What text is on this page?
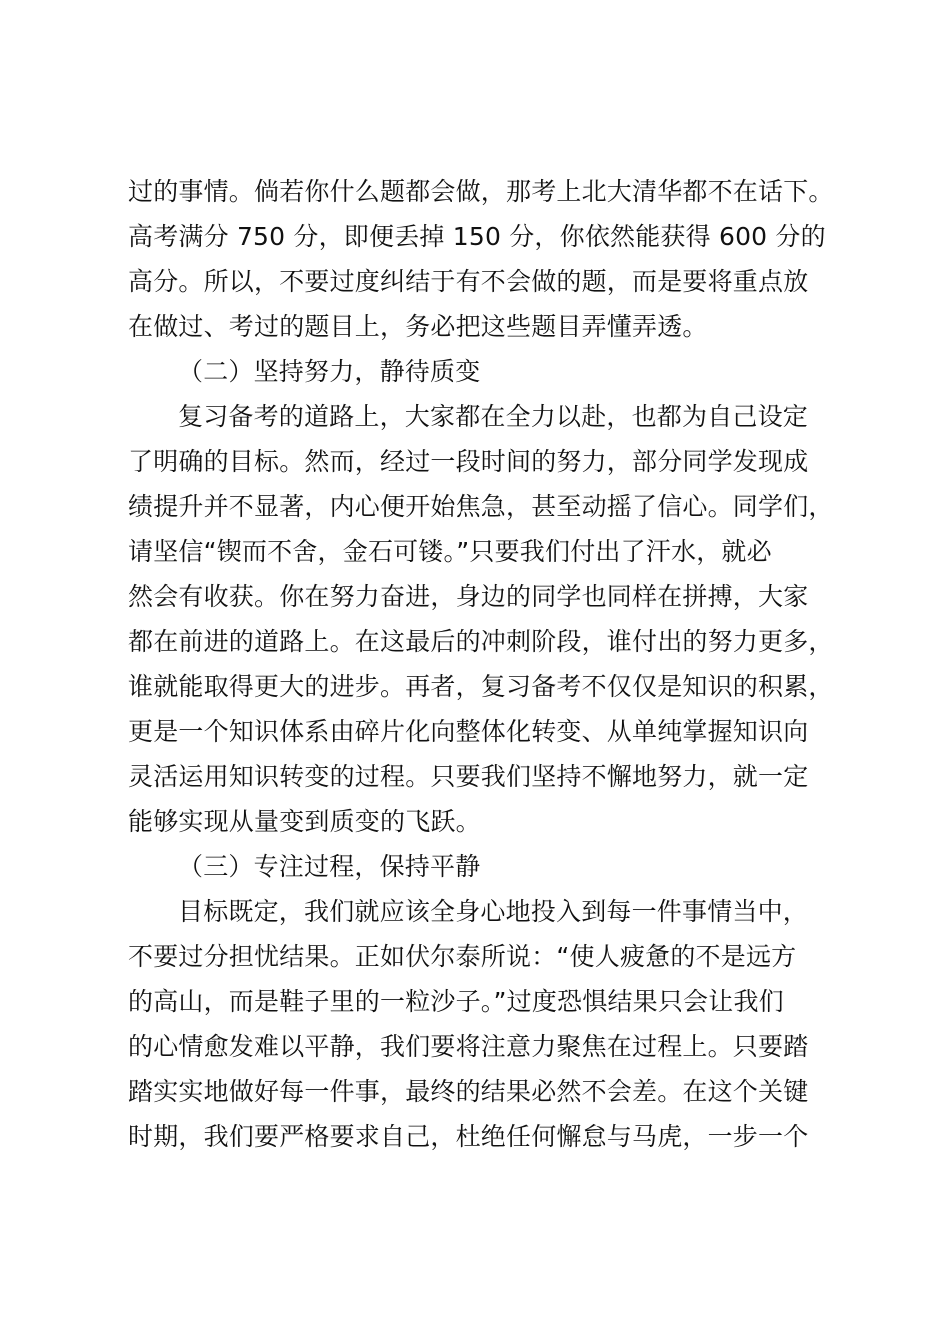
过的事情。倘若你什么题都会做，那考上北大清华都不在话下。
高考满分 750 分，即便丢掉 150 分，你依然能获得 600 分的
高分。所以，不要过度纠结于有不会做的题，而是要将重点放
在做过、考过的题目上，务必把这些题目弄懂弄透。
（二）坚持努力，静待质变
复习备考的道路上，大家都在全力以赴，也都为自己设定
了明确的目标。然而，经过一段时间的努力，部分同学发现成
绩提升并不显著，内心便开始焦急，甚至动摇了信心。同学们，
请坚信“锲而不舍，金石可镂。”只要我们付出了汗水，就必
然会有收获。你在努力奋进，身边的同学也同样在拼搏，大家
都在前进的道路上。在这最后的冲刺阶段，谁付出的努力更多，
谁就能取得更大的进步。再者，复习备考不仅仅是知识的积累，
更是一个知识体系由碎片化向整体化转变、从单纯掌握知识向
灵活运用知识转变的过程。只要我们坚持不懈地努力，就一定
能够实现从量变到质变的飞跃。
（三）专注过程，保持平静
目标既定，我们就应该全身心地投入到每一件事情当中，
不要过分担忧结果。正如伏尔泰所说：“使人疲惫的不是远方
的高山，而是鞋子里的一粒沙子。”过度恐惧结果只会让我们
的心情愈发难以平静，我们要将注意力聚焦在过程上。只要踏
踏实实地做好每一件事，最终的结果必然不会差。在这个关键
时期，我们要严格要求自己，杜绝任何懈怠与马虎，一步一个
